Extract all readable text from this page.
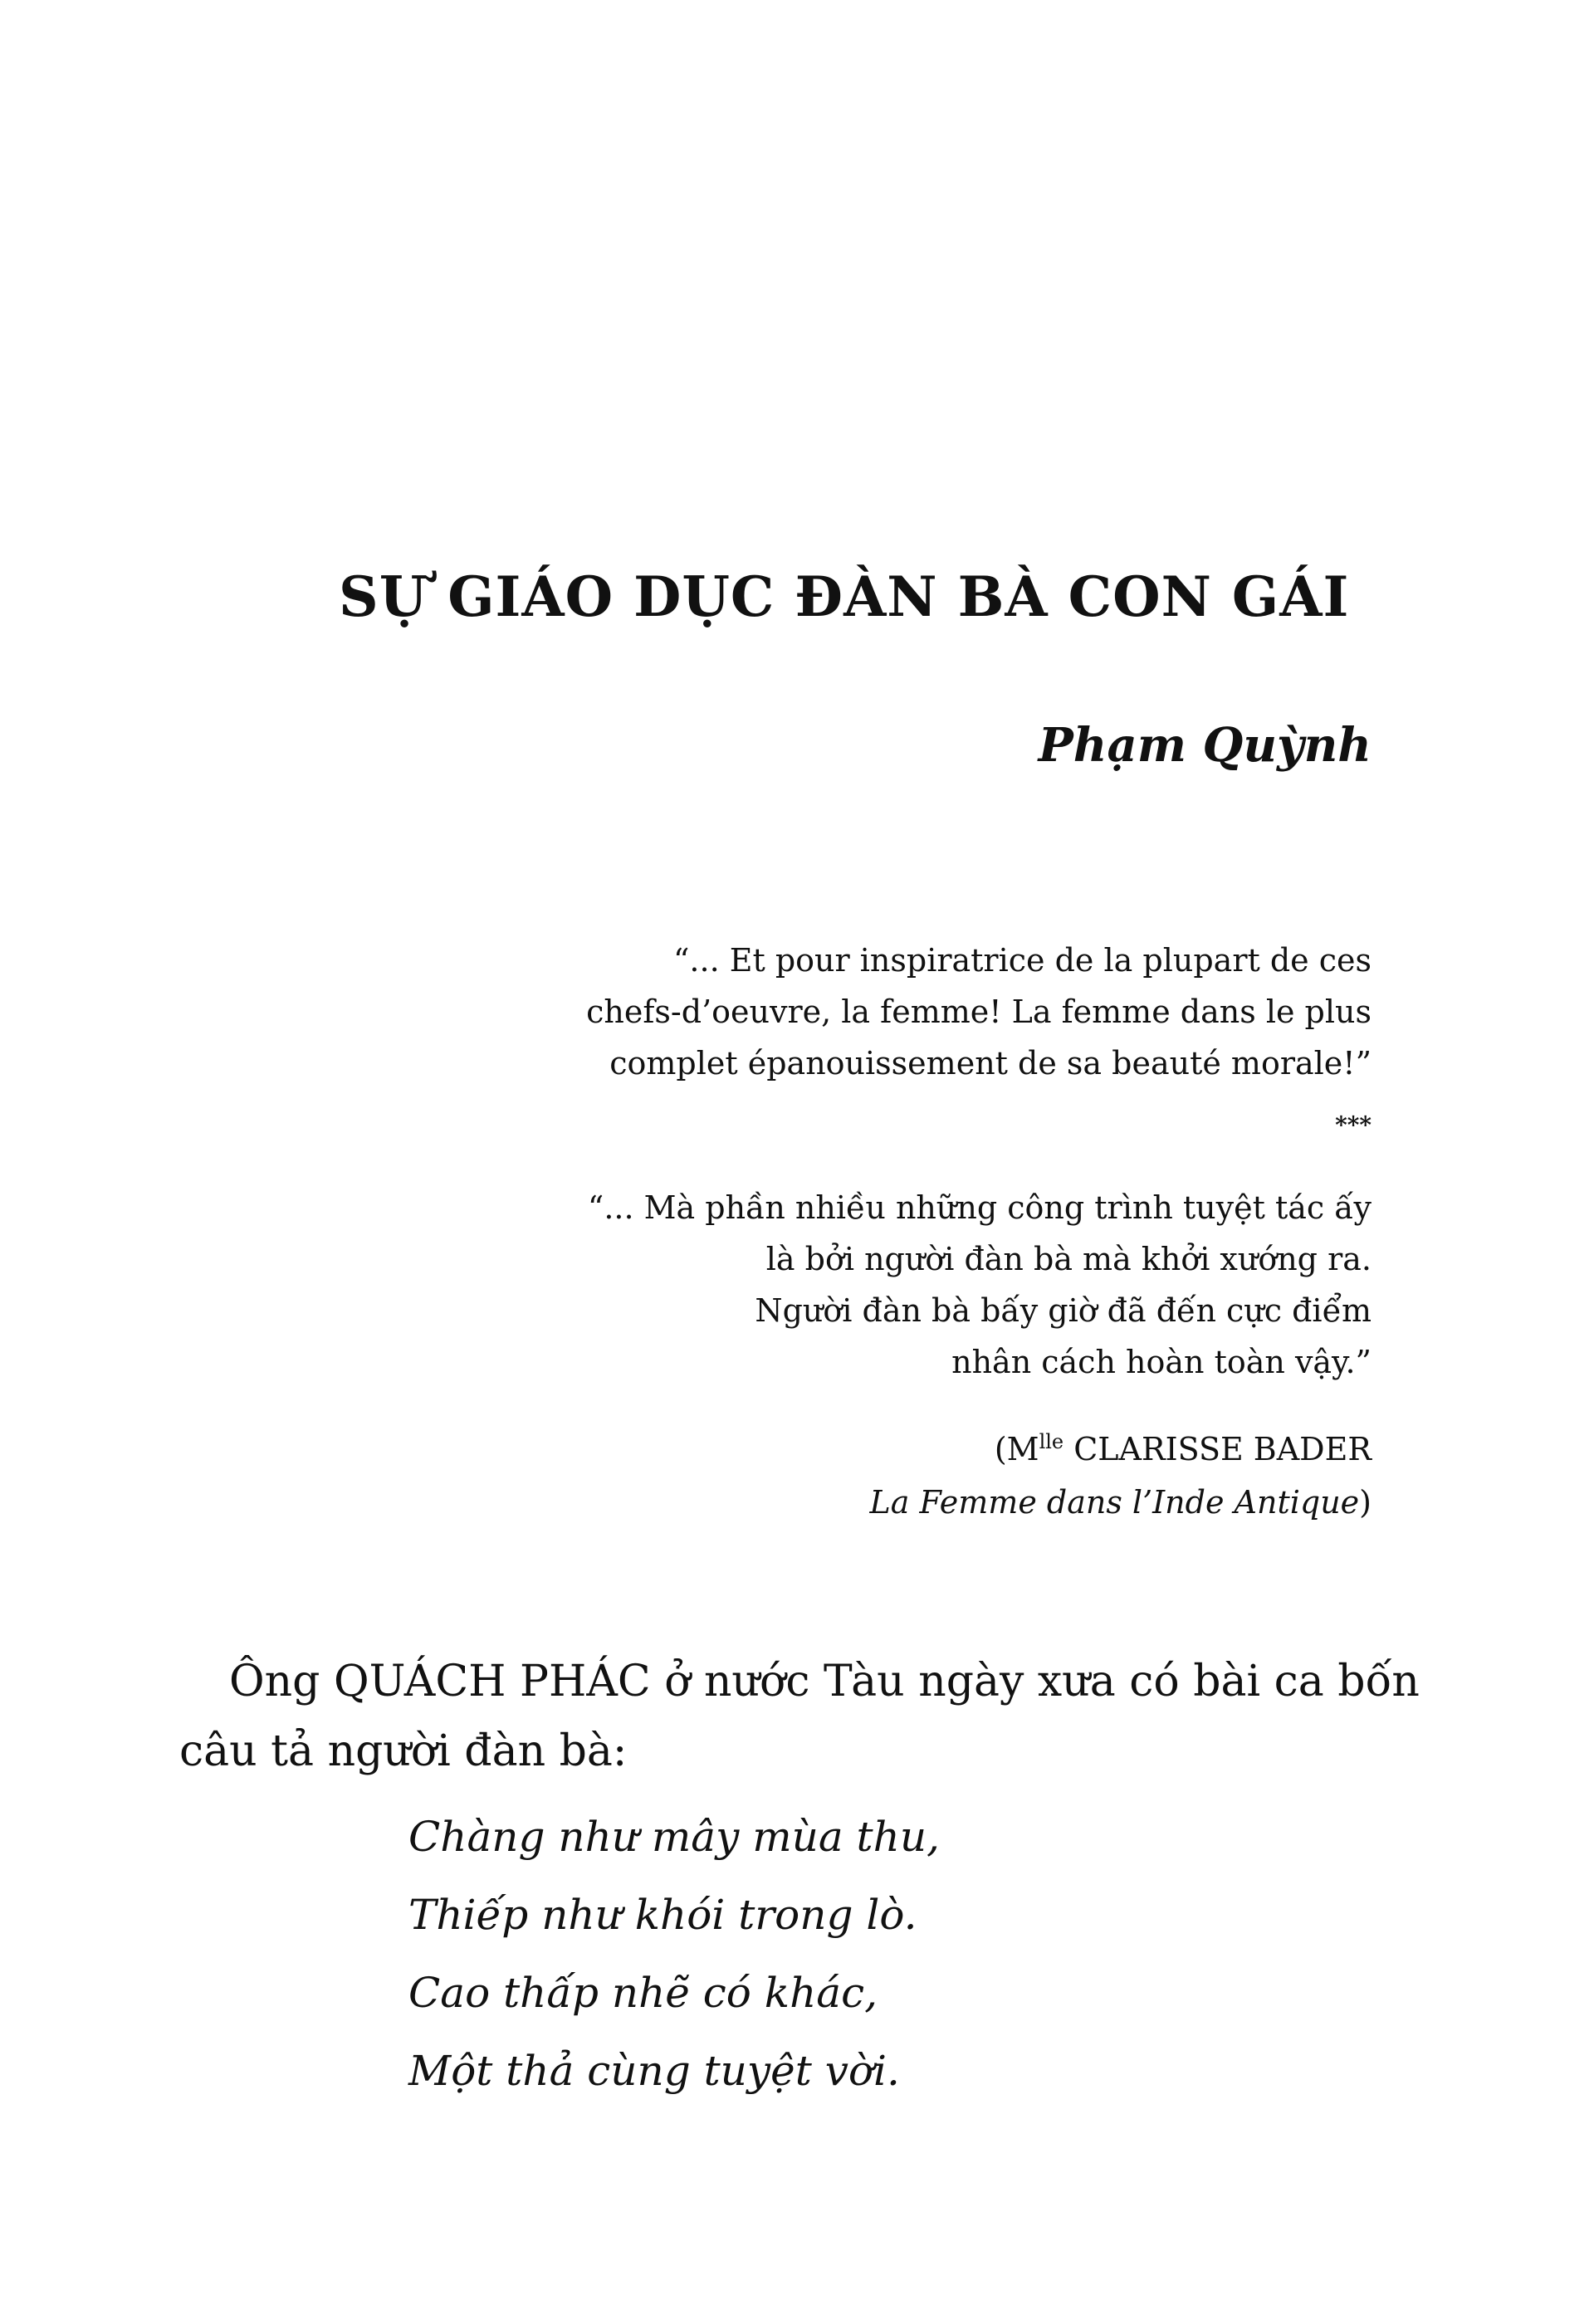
SỰ GIÁO DỤC ĐÀN BÀ CON GÁI
Phạm Quỳnh
“... Et pour inspiratrice de la plupart de ces
chefs-d’oeuvre, la femme! La femme dans le plus
complet épanouissement de sa beauté morale!”
***
“... Mà phần nhiều những công trình tuyệt tác ấy
là bởi người đàn bà mà khởi xướng ra.
Người đàn bà bấy giờ đã đến cực điểm
nhân cách hoàn toàn vậy.”
($M^{lle}$ CLARISSE BADER
La Femme dans l’Inde Antique)
Ông QUÁCH PHÁC ở nước Tàu ngày xưa có bài ca bốn
câu tả người đàn bà:
Chàng như mây mùa thu,
Thiếp như khói trong lò.
Cao thấp nhẽ có khác,
Một thả cùng tuyệt vời.
